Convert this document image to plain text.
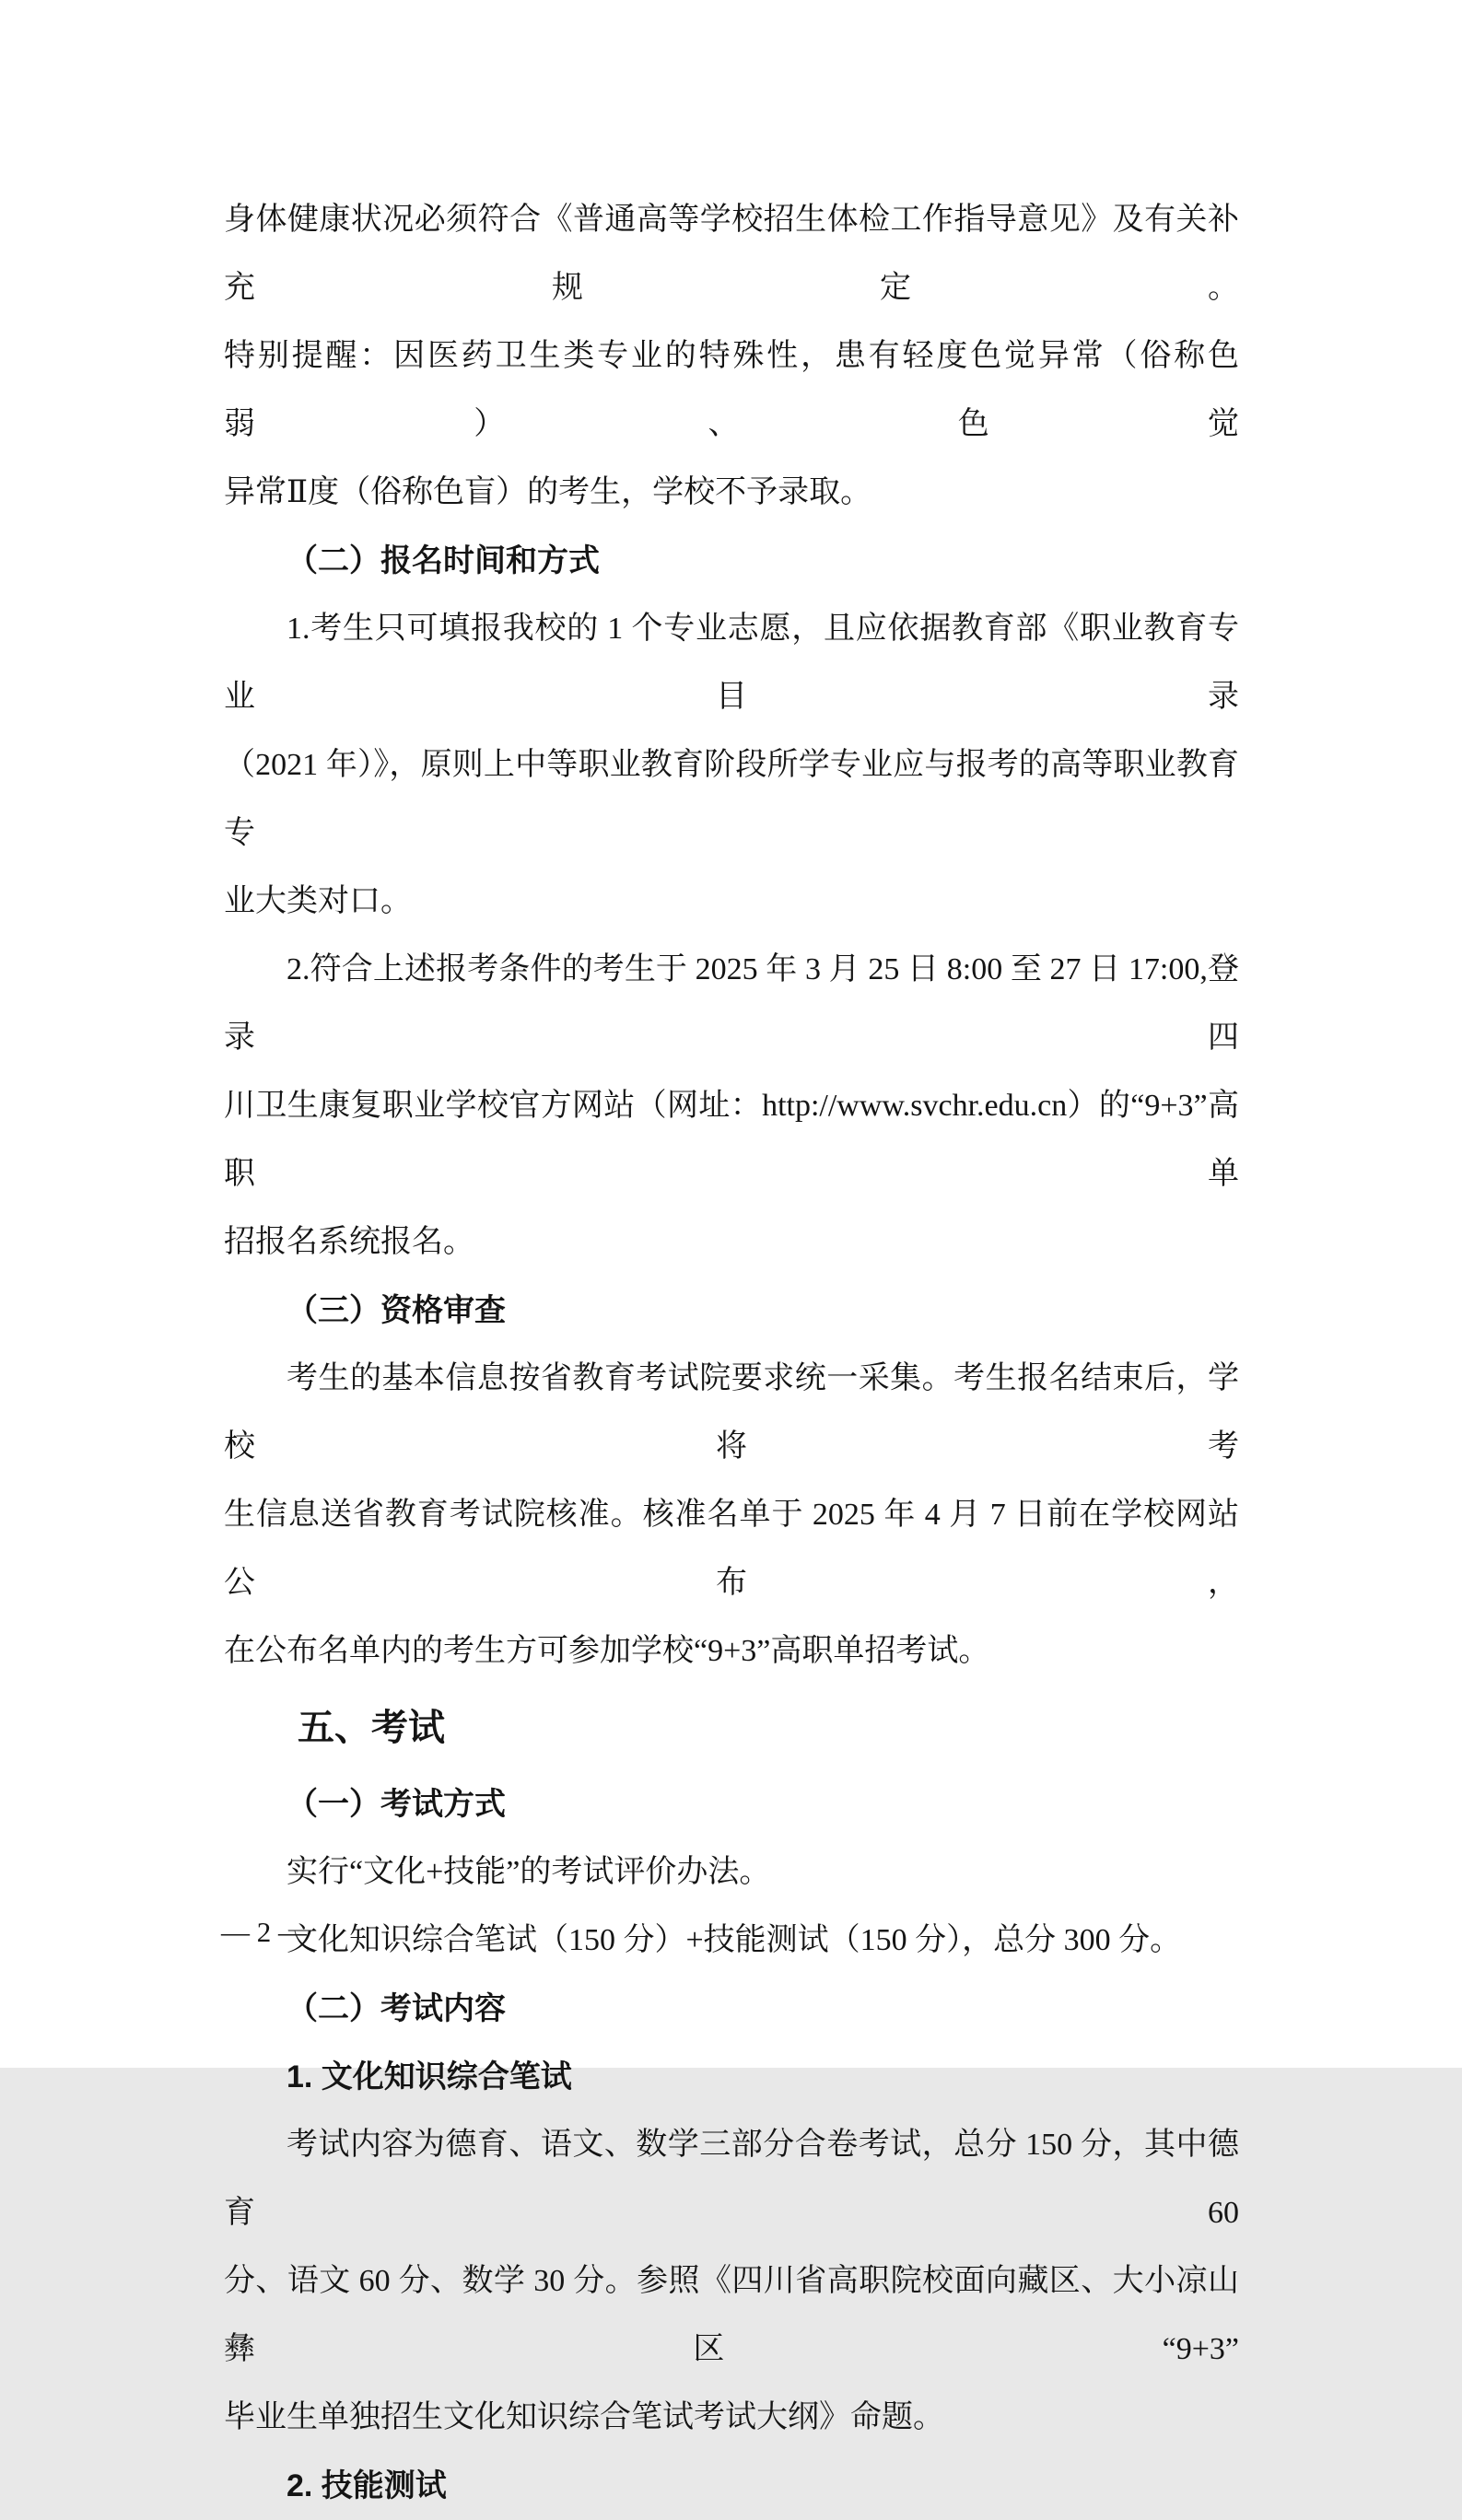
身体健康状况必须符合《普通高等学校招生体检工作指导意见》及有关补充规定。
特别提醒：因医药卫生类专业的特殊性，患有轻度色觉异常（俗称色弱）、色觉
异常Ⅱ度（俗称色盲）的考生，学校不予录取。
（二）报名时间和方式
1.考生只可填报我校的 1 个专业志愿，且应依据教育部《职业教育专业目录
（2021 年）》，原则上中等职业教育阶段所学专业应与报考的高等职业教育专
业大类对口。
2.符合上述报考条件的考生于 2025 年 3 月 25 日 8:00 至 27 日 17:00,登录四
川卫生康复职业学校官方网站（网址：http://www.svchr.edu.cn）的“9+3”高职单
招报名系统报名。
（三）资格审查
考生的基本信息按省教育考试院要求统一采集。考生报名结束后，学校将考
生信息送省教育考试院核准。核准名单于 2025 年 4 月 7 日前在学校网站公布，
在公布名单内的考生方可参加学校“9+3”高职单招考试。
五、考试
（一）考试方式
实行“文化+技能”的考试评价办法。
文化知识综合笔试（150 分）+技能测试（150 分），总分 300 分。
（二）考试内容
1. 文化知识综合笔试
考试内容为德育、语文、数学三部分合卷考试，总分 150 分，其中德育 60
分、语文 60 分、数学 30 分。参照《四川省高职院校面向藏区、大小凉山彝区“9+3”
毕业生单独招生文化知识综合笔试考试大纲》命题。
2. 技能测试
— 2 —
